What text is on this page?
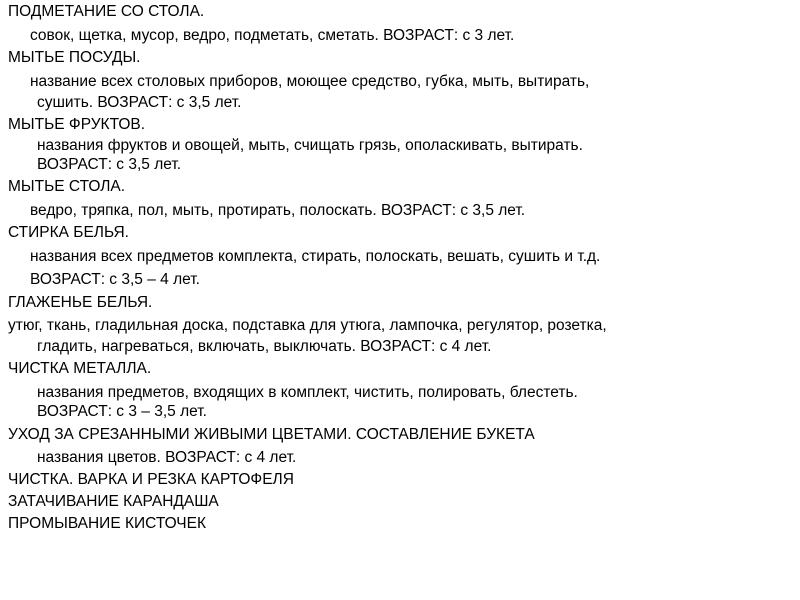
ПОДМЕТАНИЕ СО СТОЛА.
совок, щетка, мусор, ведро, подметать, сметать. ВОЗРАСТ: с 3 лет.
МЫТЬЕ ПОСУДЫ.
название всех столовых приборов, моющее средство, губка, мыть, вытирать,
сушить. ВОЗРАСТ: с 3,5 лет.
МЫТЬЕ ФРУКТОВ.
названия фруктов и овощей, мыть, счищать грязь, ополаскивать, вытирать.
ВОЗРАСТ: с 3,5 лет.
МЫТЬЕ СТОЛА.
ведро, тряпка, пол, мыть, протирать, полоскать. ВОЗРАСТ: с 3,5 лет.
СТИРКА БЕЛЬЯ.
названия всех предметов комплекта, стирать, полоскать, вешать, сушить и т.д.
ВОЗРАСТ: с 3,5 – 4 лет.
ГЛАЖЕНЬЕ БЕЛЬЯ.
утюг, ткань, гладильная доска, подставка для утюга, лампочка, регулятор, розетка,
гладить, нагреваться, включать, выключать. ВОЗРАСТ: с 4 лет.
ЧИСТКА МЕТАЛЛА.
названия предметов, входящих в комплект, чистить, полировать, блестеть.
ВОЗРАСТ: с 3 – 3,5 лет.
УХОД ЗА СРЕЗАННЫМИ ЖИВЫМИ ЦВЕТАМИ. СОСТАВЛЕНИЕ БУКЕТА
названия цветов. ВОЗРАСТ: с 4 лет.
ЧИСТКА. ВАРКА И РЕЗКА КАРТОФЕЛЯ
ЗАТАЧИВАНИЕ КАРАНДАША
ПРОМЫВАНИЕ КИСТОЧЕК
